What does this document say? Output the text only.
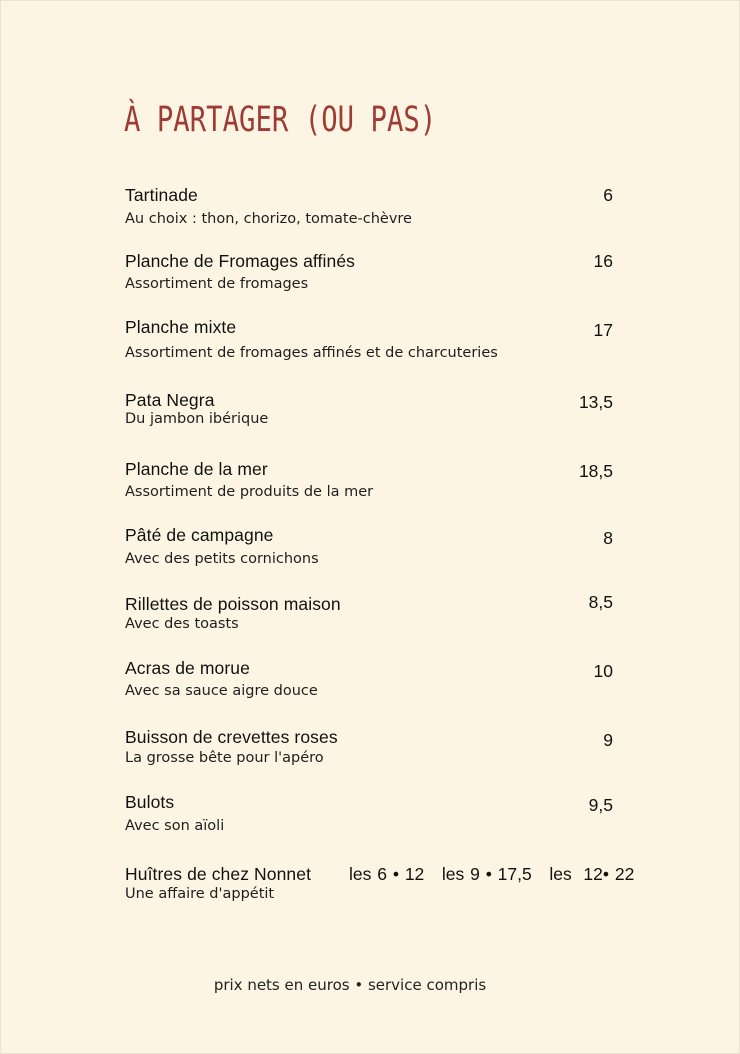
À PARTAGER (OU PAS)
Tartinade
Au choix : thon, chorizo, tomate-chèvre
6
Planche de Fromages affinés
Assortiment de fromages
16
Planche mixte
Assortiment de fromages affinés et de charcuteries
17
Pata Negra
Du jambon ibérique
13,5
Planche de la mer
Assortiment de produits de la mer
18,5
Pâté de campagne
Avec des petits cornichons
8
Rillettes de poisson maison
Avec des toasts
8,5
Acras de morue
Avec sa sauce aigre douce
10
Buisson de crevettes roses
La grosse bête pour l'apéro
9
Bulots
Avec son aïoli
9,5
Huîtres de chez Nonnet
Une affaire d'appétit
les 6 • 12   les 9 • 17,5   les  12• 22
prix nets en euros • service compris
